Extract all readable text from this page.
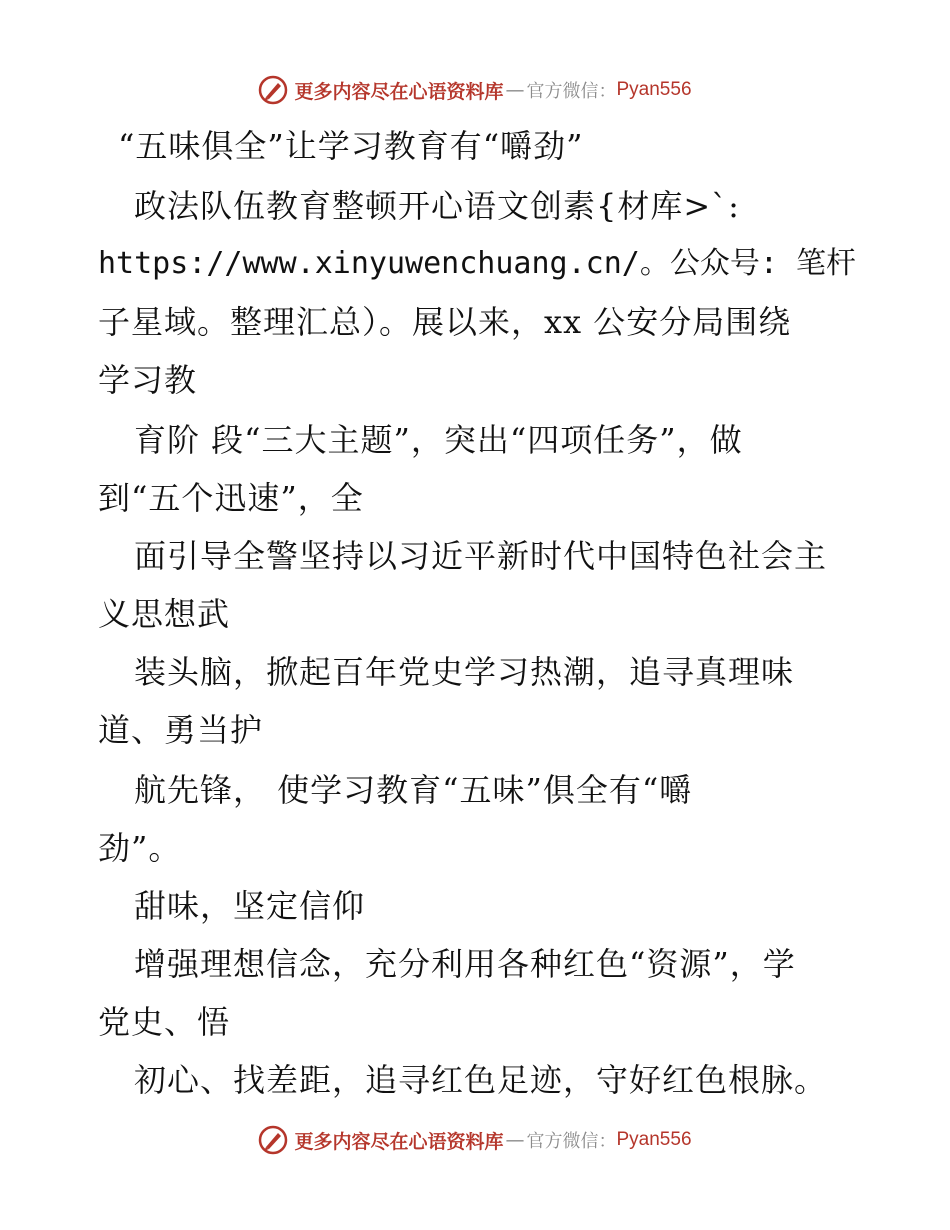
更多内容尽在心语资料库 — 官方微信： Pyan556
“五味俱全”让学习教育有“嚼劲”
政法队伍教育整顿开心语文创素{材库>`:
https://www.xinyuwenchuang.cn/。公众号: 笔杆
子星域。整理汇总）。展以来，xx 公安分局围绕
学习教
育阶 段“三大主题”，突出“四项任务”，做
到“五个迅速”，全
面引导全警坚持以习近平新时代中国特色社会主
义思想武
装头脑，掀起百年党史学习热潮，追寻真理味
道、勇当护
航先锋， 使学习教育“五味”俱全有“嚼
劲”。
甜味，坚定信仰
增强理想信念，充分利用各种红色“资源”，学
党史、悟
初心、找差距，追寻红色足迹，守好红色根脉。
更多内容尽在心语资料库 — 官方微信： Pyan556
